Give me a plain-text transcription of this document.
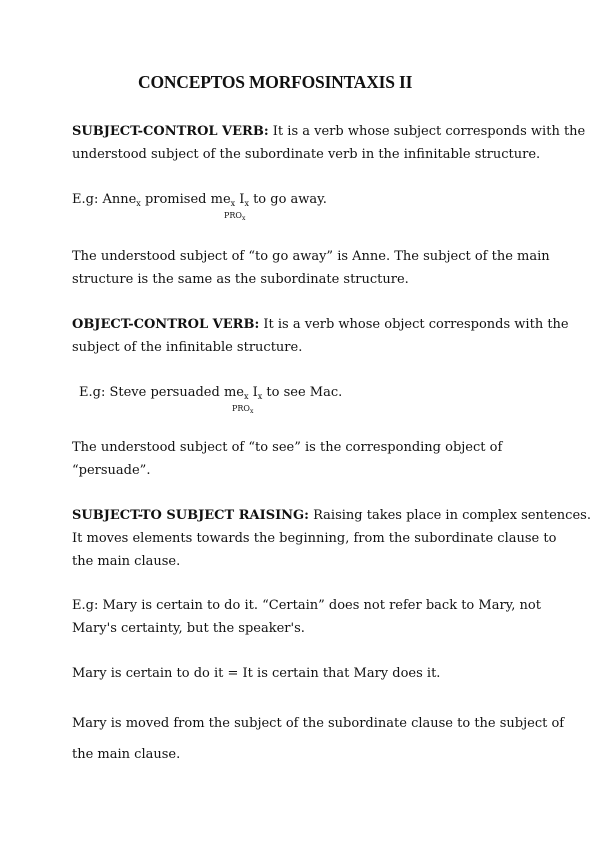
CONCEPTOS MORFOSINTAXIS II
SUBJECT-CONTROL VERB: It is a verb whose subject corresponds with the
understood subject of the subordinate verb in the infinitable structure.
E.g: Anne$_x$ promised $me_x$ $I_x$ to go away.
$PRO_x$
The understood subject of “to go away” is Anne. The subject of the main
structure is the same as the subordinate structure.
OBJECT-CONTROL VERB: It is a verb whose object corresponds with the
subject of the infinitable structure.
E.g: Steve persuaded $me_x$ $I_x$ to see Mac.
$PRO_x$
The understood subject of “to see” is the corresponding object of
“persuade”.
SUBJECT-TO SUBJECT RAISING: Raising takes place in complex sentences.
It moves elements towards the beginning, from the subordinate clause to
the main clause.
E.g: Mary is certain to do it. “Certain” does not refer back to Mary, not
Mary's certainty, but the speaker's.
Mary is certain to do it = It is certain that Mary does it.
Mary is moved from the subject of the subordinate clause to the subject of
the main clause.
